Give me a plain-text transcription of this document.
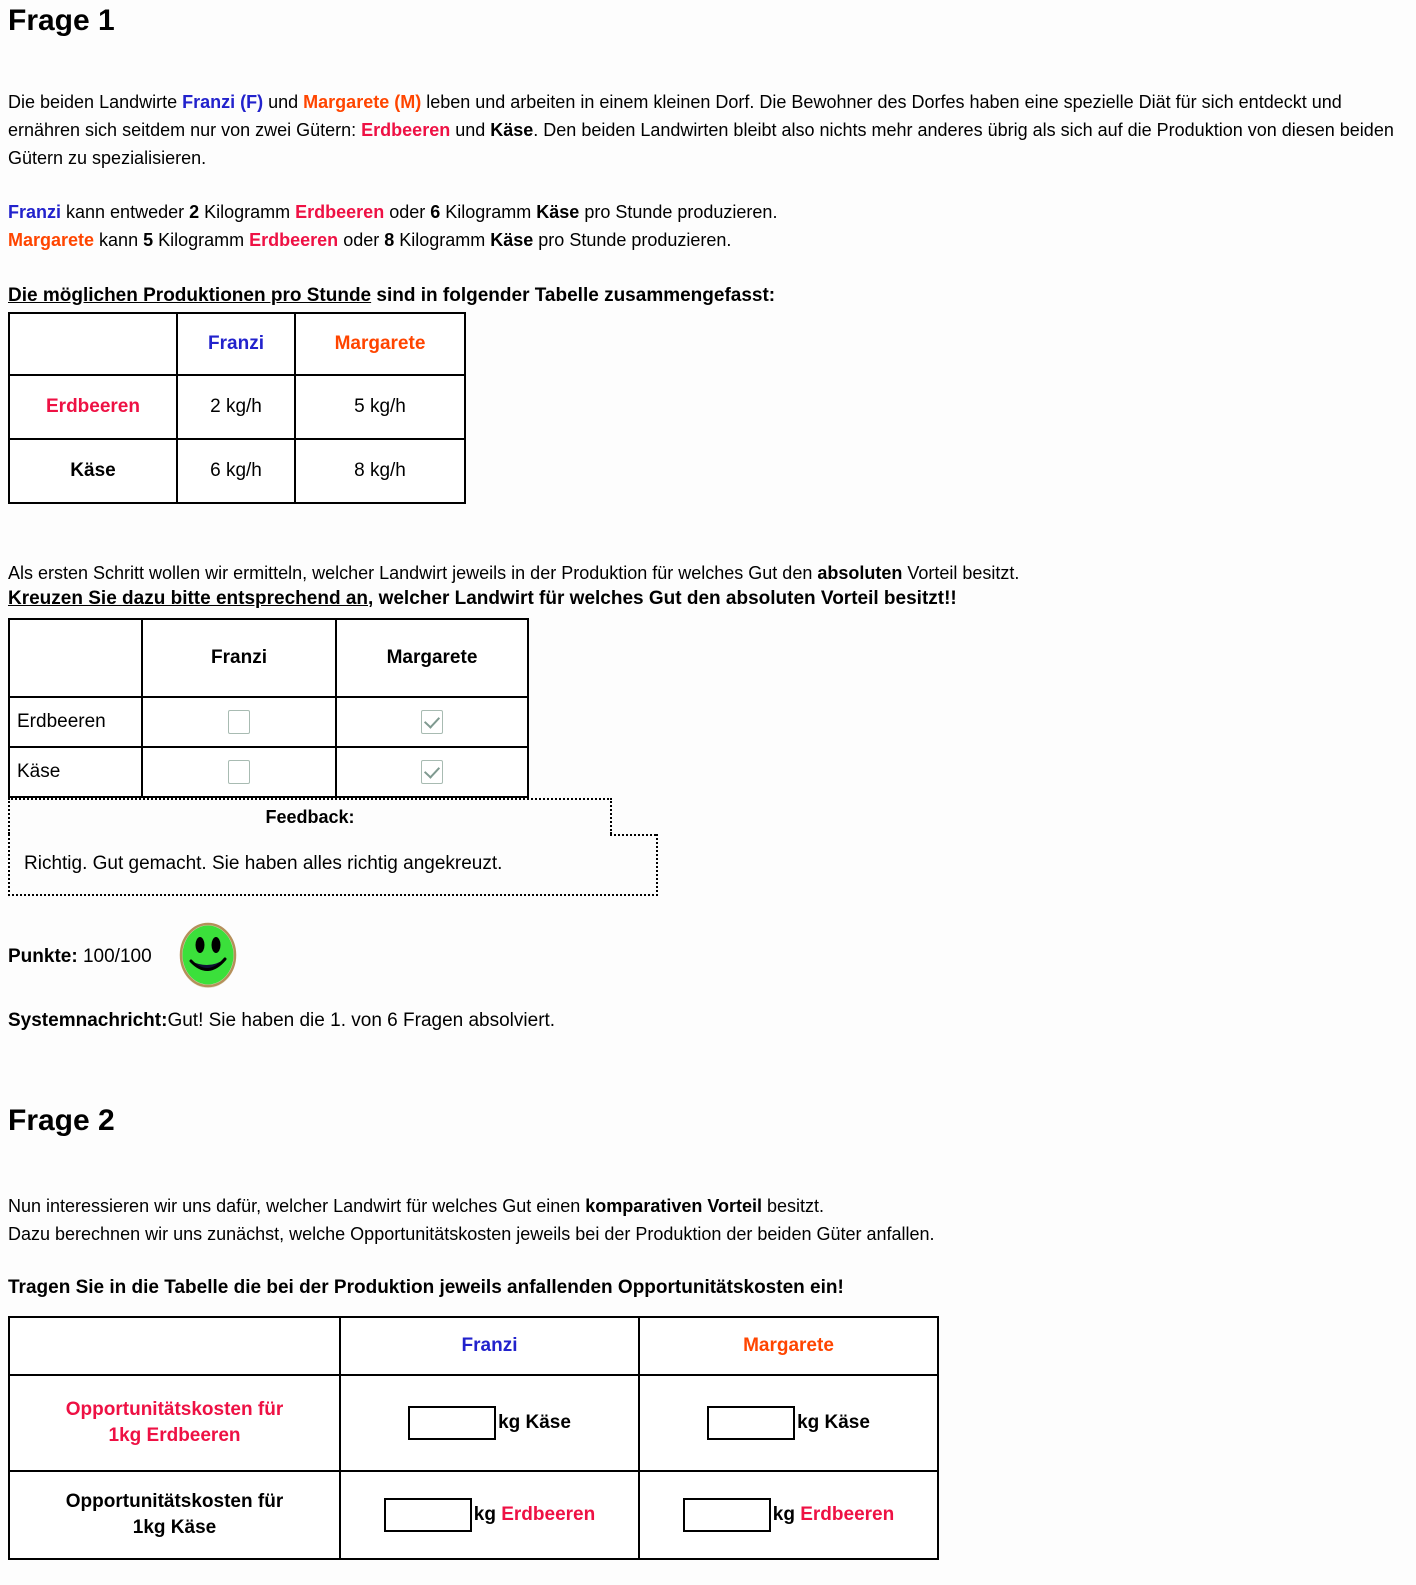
Frage 1
Die beiden Landwirte Franzi (F) und Margarete (M) leben und arbeiten in einem kleinen Dorf. Die Bewohner des Dorfes haben eine spezielle Diät für sich entdeckt und ernähren sich seitdem nur von zwei Gütern: Erdbeeren und Käse. Den beiden Landwirten bleibt also nichts mehr anderes übrig als sich auf die Produktion von diesen beiden Gütern zu spezialisieren.
Franzi kann entweder 2 Kilogramm Erdbeeren oder 6 Kilogramm Käse pro Stunde produzieren.
Margarete kann 5 Kilogramm Erdbeeren oder 8 Kilogramm Käse pro Stunde produzieren.
Die möglichen Produktionen pro Stunde sind in folgender Tabelle zusammengefasst:
	Franzi	Margarete
Erdbeeren	2 kg/h	5 kg/h
Käse	6 kg/h	8 kg/h
Als ersten Schritt wollen wir ermitteln, welcher Landwirt jeweils in der Produktion für welches Gut den absoluten Vorteil besitzt.
Kreuzen Sie dazu bitte entsprechend an, welcher Landwirt für welches Gut den absoluten Vorteil besitzt!!
	Franzi	Margarete
Erdbeeren		
Käse		
Feedback:
Richtig. Gut gemacht. Sie haben alles richtig angekreuzt.
Punkte: 100/100
Systemnachricht:Gut! Sie haben die 1. von 6 Fragen absolviert.
Frage 2
Nun interessieren wir uns dafür, welcher Landwirt für welches Gut einen komparativen Vorteil besitzt.
Dazu berechnen wir uns zunächst, welche Opportunitätskosten jeweils bei der Produktion der beiden Güter anfallen.
Tragen Sie in die Tabelle die bei der Produktion jeweils anfallenden Opportunitätskosten ein!
	Franzi	Margarete

Opportunitätskosten für
1kg Erdbeeren	kg Käse	kg Käse

Opportunitätskosten für
1kg Käse	kg Erdbeeren	kg Erdbeeren
